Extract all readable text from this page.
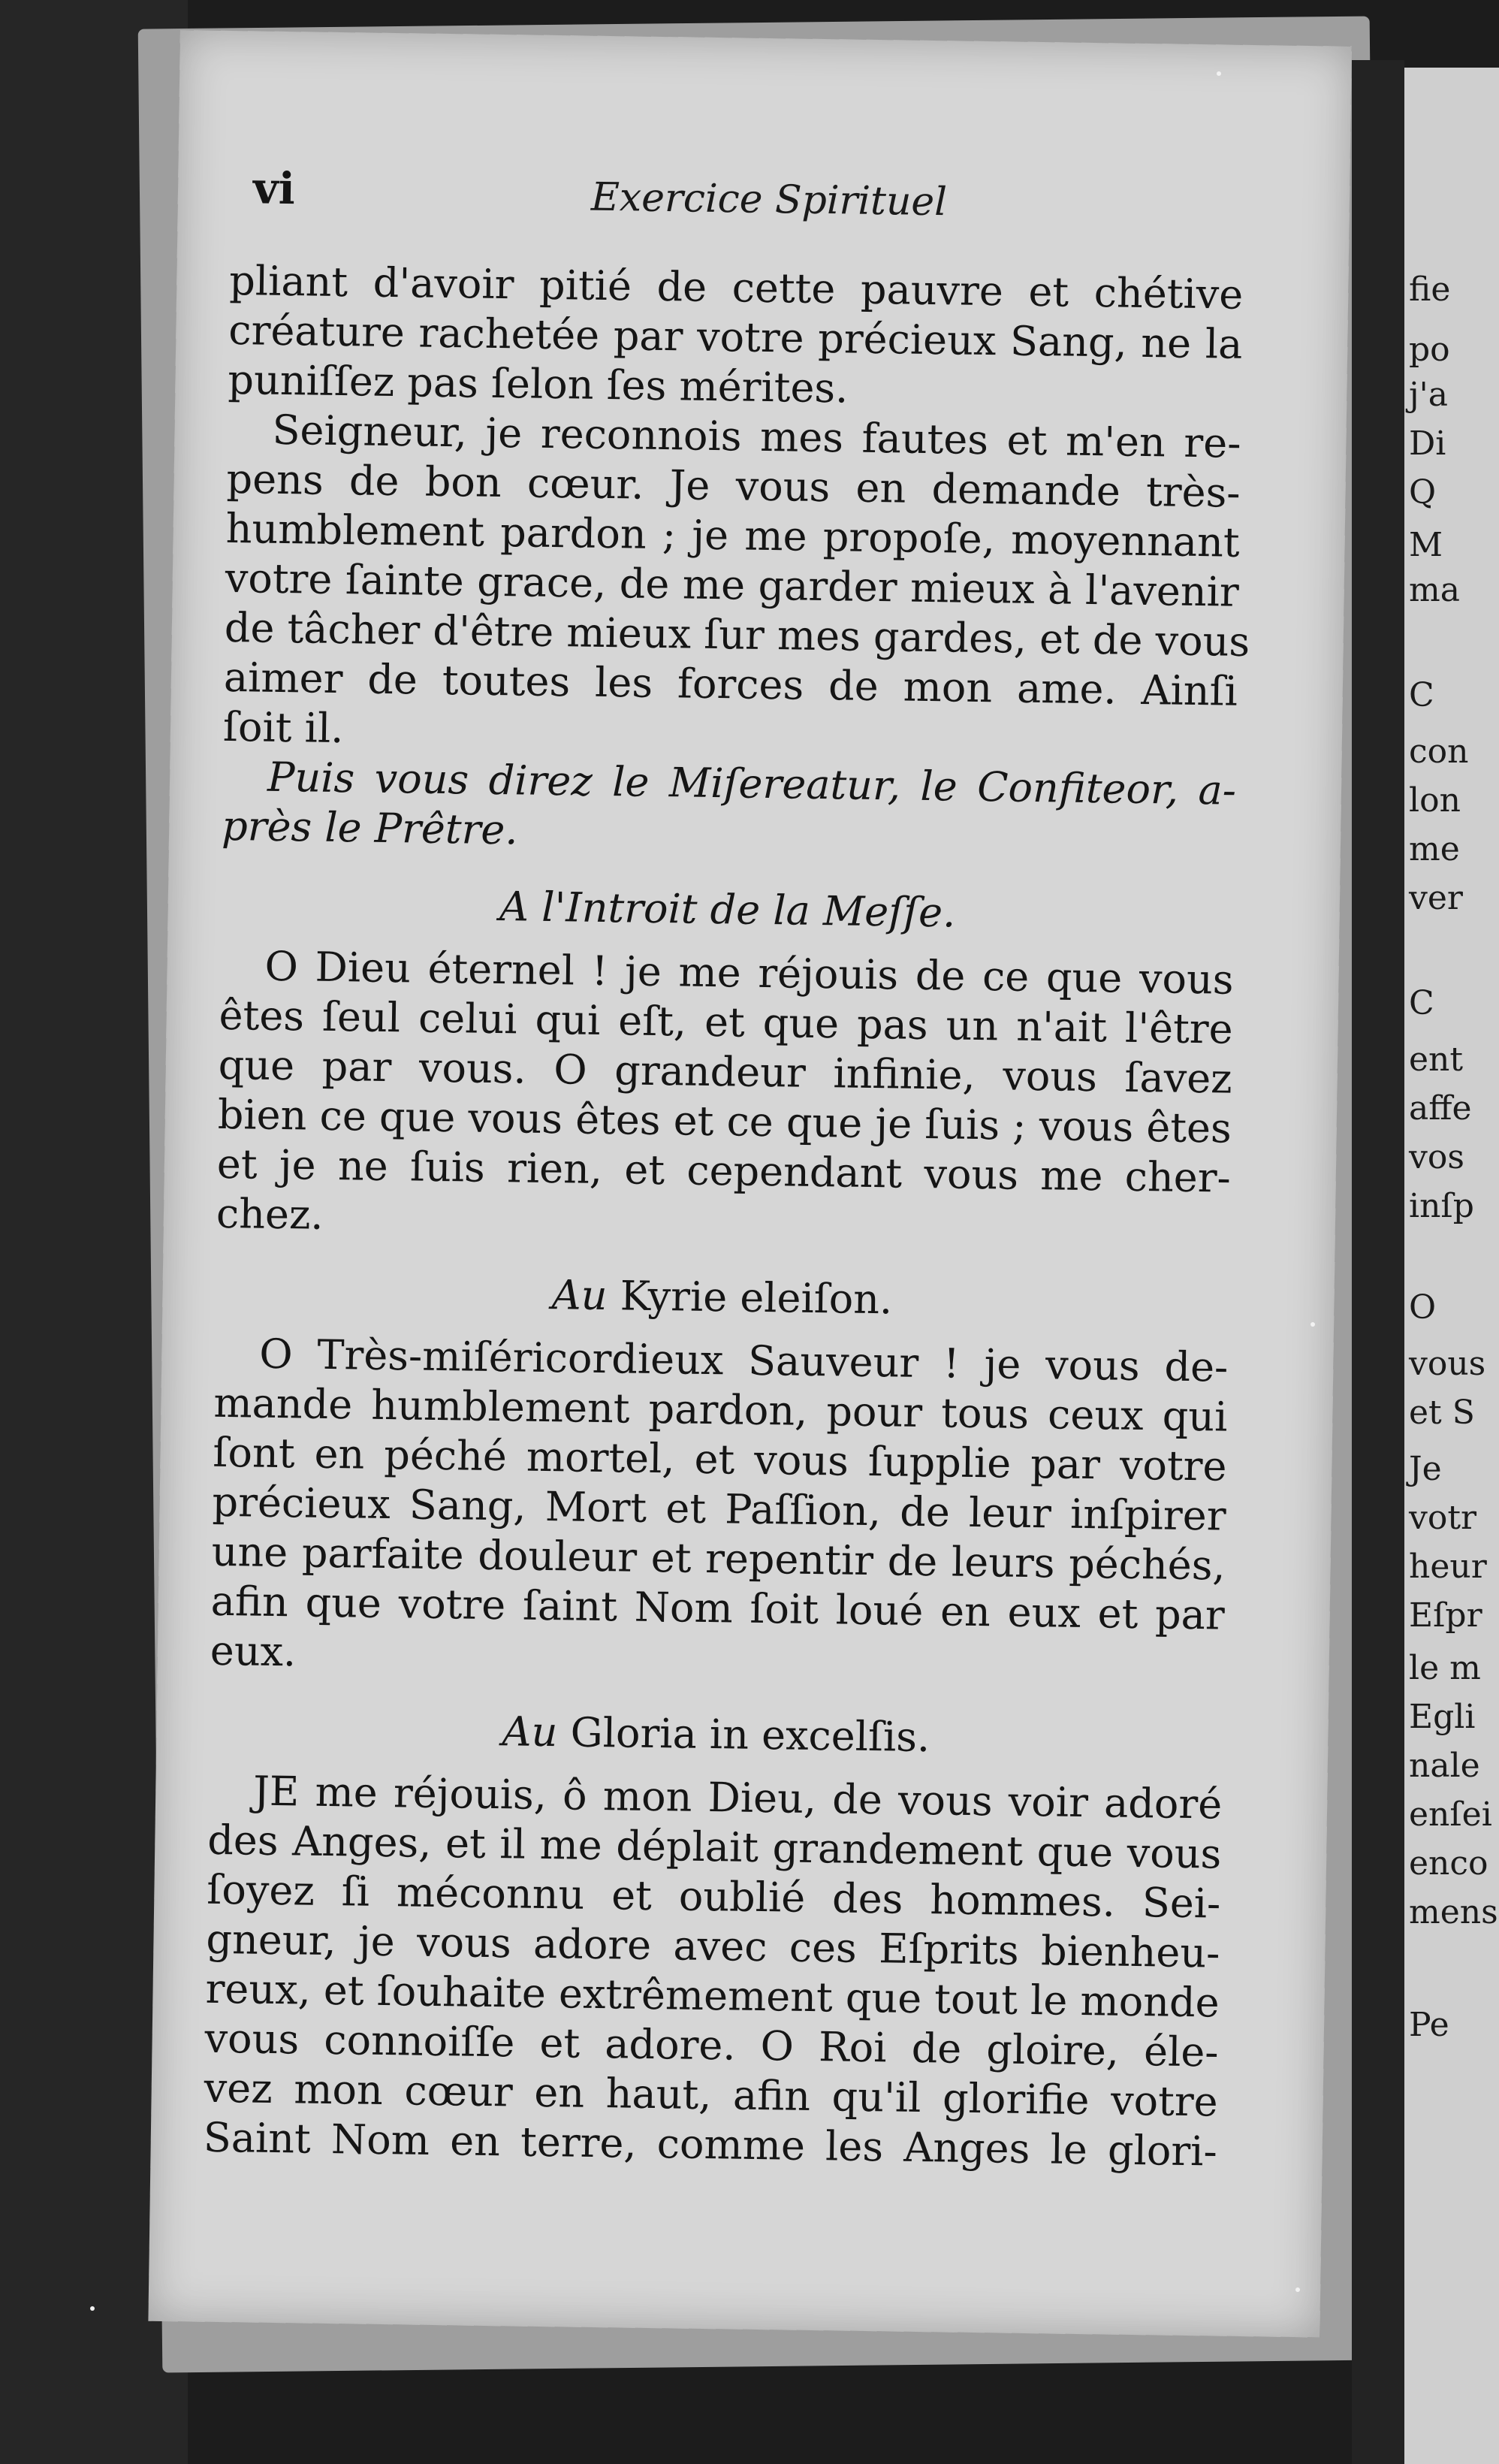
vi	Exercice Spirituel
pliant d'avoir pitié de cette pauvre et chétive
créature rachetée par votre précieux Sang, ne la
puniſſez pas ſelon ſes mérites.
Seigneur, je reconnois mes fautes et m'en re-
pens de bon cœur. Je vous en demande très-
humblement pardon ; je me propoſe, moyennant
votre ſainte grace, de me garder mieux à l'avenir
de tâcher d'être mieux ſur mes gardes, et de vous
aimer de toutes les forces de mon ame. Ainſi
ſoit il.
Puis vous direz le Miſereatur, le Confiteor, a-
près le Prêtre.
A l'Introit de la Meſſe.
O Dieu éternel ! je me réjouis de ce que vous
êtes ſeul celui qui eſt, et que pas un n'ait l'être
que par vous. O grandeur infinie, vous ſavez
bien ce que vous êtes et ce que je ſuis ; vous êtes
et je ne ſuis rien, et cependant vous me cher-
chez.
Au Kyrie eleiſon.
O Très-miſéricordieux Sauveur ! je vous de-
mande humblement pardon, pour tous ceux qui
ſont en péché mortel, et vous ſupplie par votre
précieux Sang, Mort et Paſſion, de leur inſpirer
une parfaite douleur et repentir de leurs péchés,
afin que votre ſaint Nom ſoit loué en eux et par
eux.
Au Gloria in excelſis.
JE me réjouis, ô mon Dieu, de vous voir adoré
des Anges, et il me déplait grandement que vous
ſoyez ſi méconnu et oublié des hommes. Sei-
gneur, je vous adore avec ces Eſprits bienheu-
reux, et ſouhaite extrêmement que tout le monde
vous connoiſſe et adore. O Roi de gloire, éle-
vez mon cœur en haut, afin qu'il glorifie votre
Saint Nom en terre, comme les Anges le glori-
fie
po
j'a
Di
Q
M
ma
C
con
lon
me
ver
C
ent
affe
vos
inſp
O
vous
et S
Je
votr
heur
Eſpr
le m
Egli
nale
enſei
enco
mens
Pe
